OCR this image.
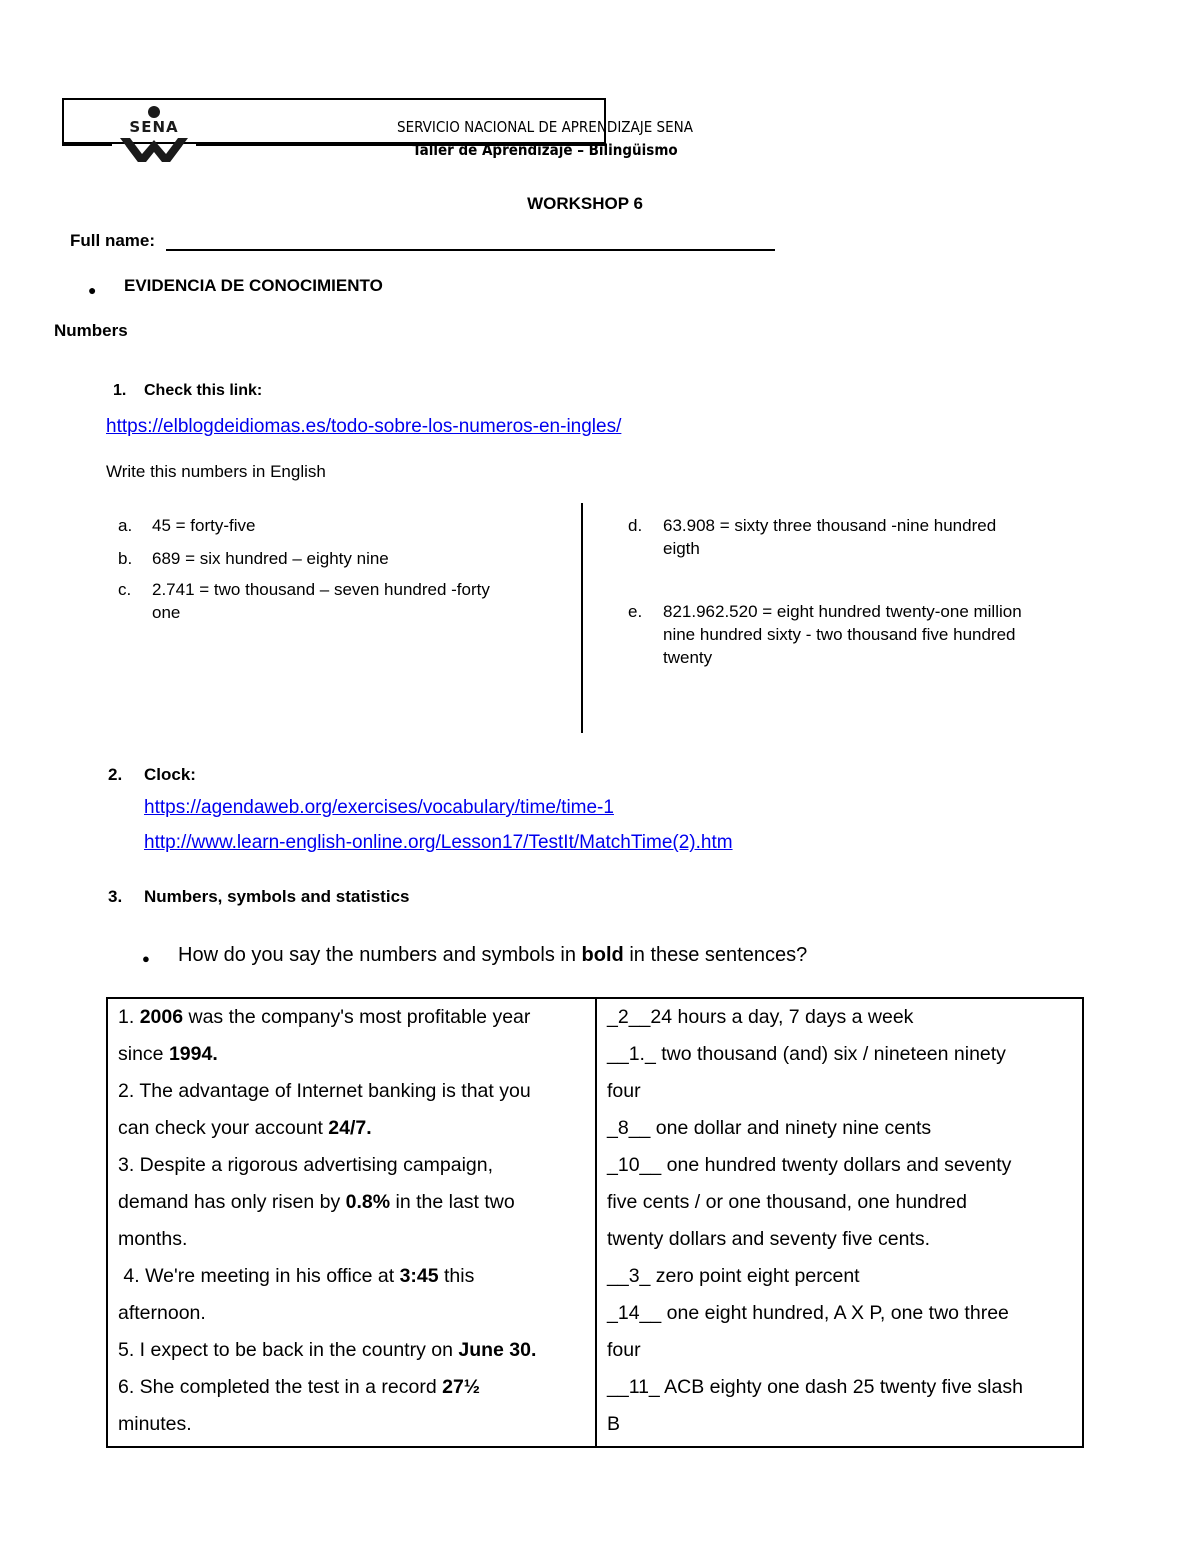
SENA	SERVICIO NACIONAL DE APRENDIZAJE SENA
Taller de Aprendizaje – Bilingüismo
WORKSHOP 6
Full name:
● EVIDENCIA DE CONOCIMIENTO
Numbers
1. Check this link:
https://elblogdeidiomas.es/todo-sobre-los-numeros-en-ingles/
Write this numbers in English
a. 45 = forty-five
b. 689 = six hundred – eighty nine
c. 2.741 = two thousand – seven hundred -forty
one
d. 63.908 = sixty three thousand -nine hundred
eigth
e. 821.962.520 = eight hundred twenty-one million
nine hundred sixty - two thousand five hundred
twenty
2. Clock:
https://agendaweb.org/exercises/vocabulary/time/time-1
http://www.learn-english-online.org/Lesson17/TestIt/MatchTime(2).htm
3. Numbers, symbols and statistics
● How do you say the numbers and symbols in bold in these sentences?
1. 2006 was the company's most profitable year
since 1994.
2. The advantage of Internet banking is that you
can check your account 24/7.
3. Despite a rigorous advertising campaign,
demand has only risen by 0.8% in the last two
months.
4. We're meeting in his office at 3:45 this
afternoon.
5. I expect to be back in the country on June 30.
6. She completed the test in a record 27½
minutes.

_2__24 hours a day, 7 days a week
__1._ two thousand (and) six / nineteen ninety
four
_8__ one dollar and ninety nine cents
_10__ one hundred twenty dollars and seventy
five cents / or one thousand, one hundred
twenty dollars and seventy five cents.
__3_ zero point eight percent
_14__ one eight hundred, A X P, one two three
four
__11_ ACB eighty one dash 25 twenty five slash
B
